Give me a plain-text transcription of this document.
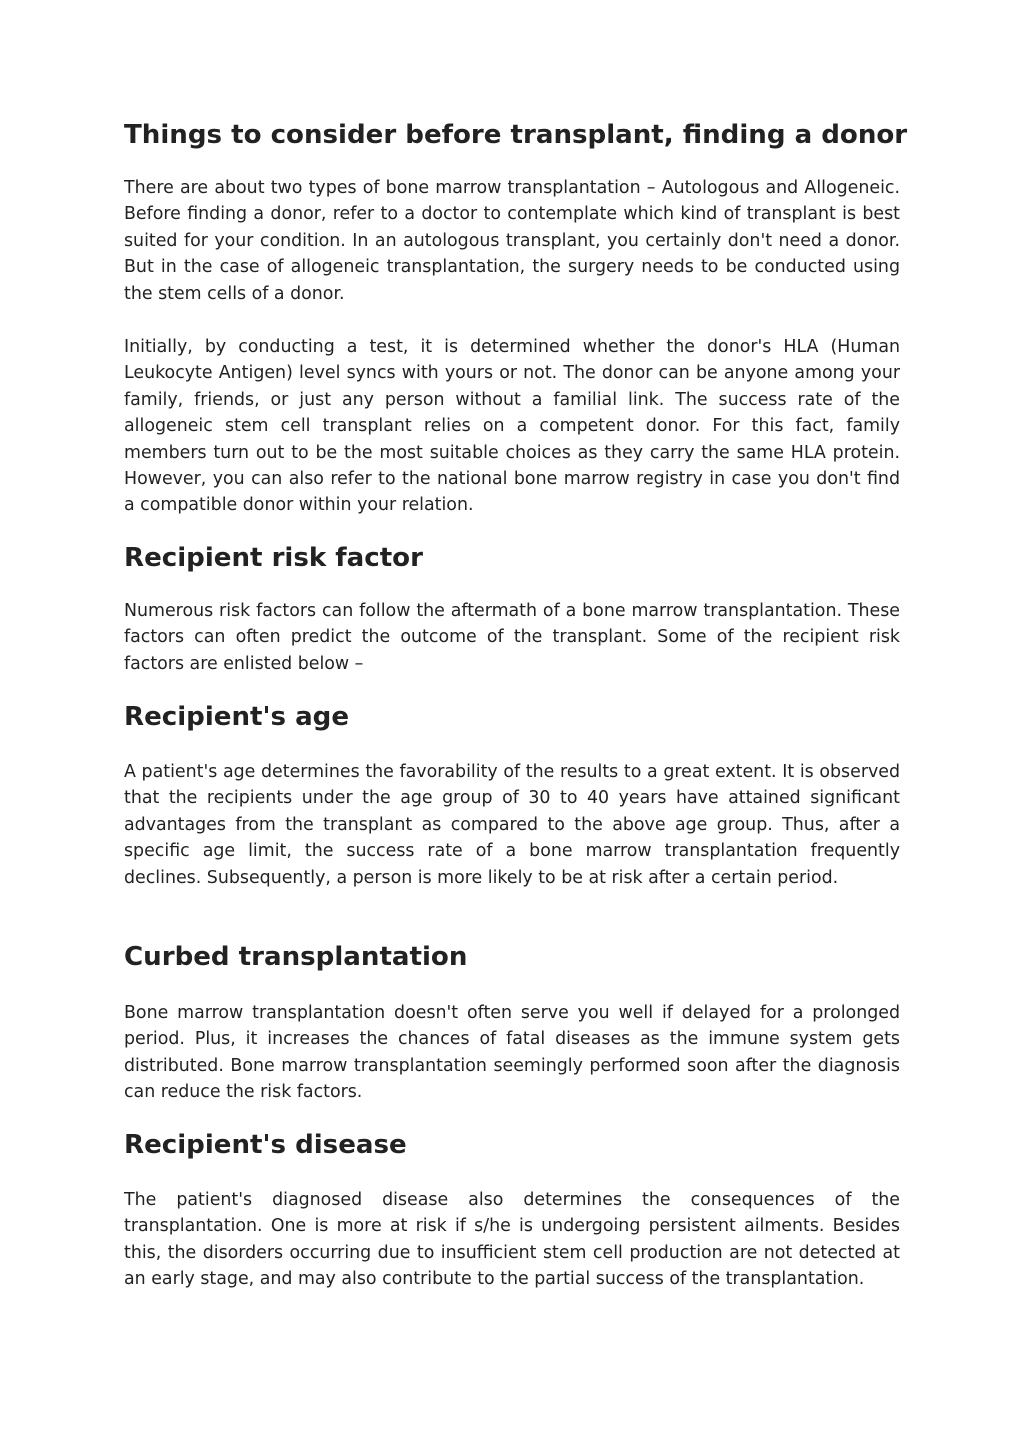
Things to consider before transplant, finding a donor

There are about two types of bone marrow transplantation – Autologous and Allogeneic. Before finding a donor, refer to a doctor to contemplate which kind of transplant is best suited for your condition. In an autologous transplant, you certainly don't need a donor. But in the case of allogeneic transplantation, the surgery needs to be conducted using the stem cells of a donor.

Initially, by conducting a test, it is determined whether the donor's HLA (Human Leukocyte Antigen) level syncs with yours or not. The donor can be anyone among your family, friends, or just any person without a familial link. The success rate of the allogeneic stem cell transplant relies on a competent donor. For this fact, family members turn out to be the most suitable choices as they carry the same HLA protein. However, you can also refer to the national bone marrow registry in case you don't find a compatible donor within your relation.

Recipient risk factor

Numerous risk factors can follow the aftermath of a bone marrow transplantation. These factors can often predict the outcome of the transplant. Some of the recipient risk factors are enlisted below –

Recipient's age

A patient's age determines the favorability of the results to a great extent. It is observed that the recipients under the age group of 30 to 40 years have attained significant advantages from the transplant as compared to the above age group. Thus, after a specific age limit, the success rate of a bone marrow transplantation frequently declines. Subsequently, a person is more likely to be at risk after a certain period.

Curbed transplantation

Bone marrow transplantation doesn't often serve you well if delayed for a prolonged period. Plus, it increases the chances of fatal diseases as the immune system gets distributed. Bone marrow transplantation seemingly performed soon after the diagnosis can reduce the risk factors.

Recipient's disease

The patient's diagnosed disease also determines the consequences of the transplantation. One is more at risk if s/he is undergoing persistent ailments. Besides this, the disorders occurring due to insufficient stem cell production are not detected at an early stage, and may also contribute to the partial success of the transplantation.
